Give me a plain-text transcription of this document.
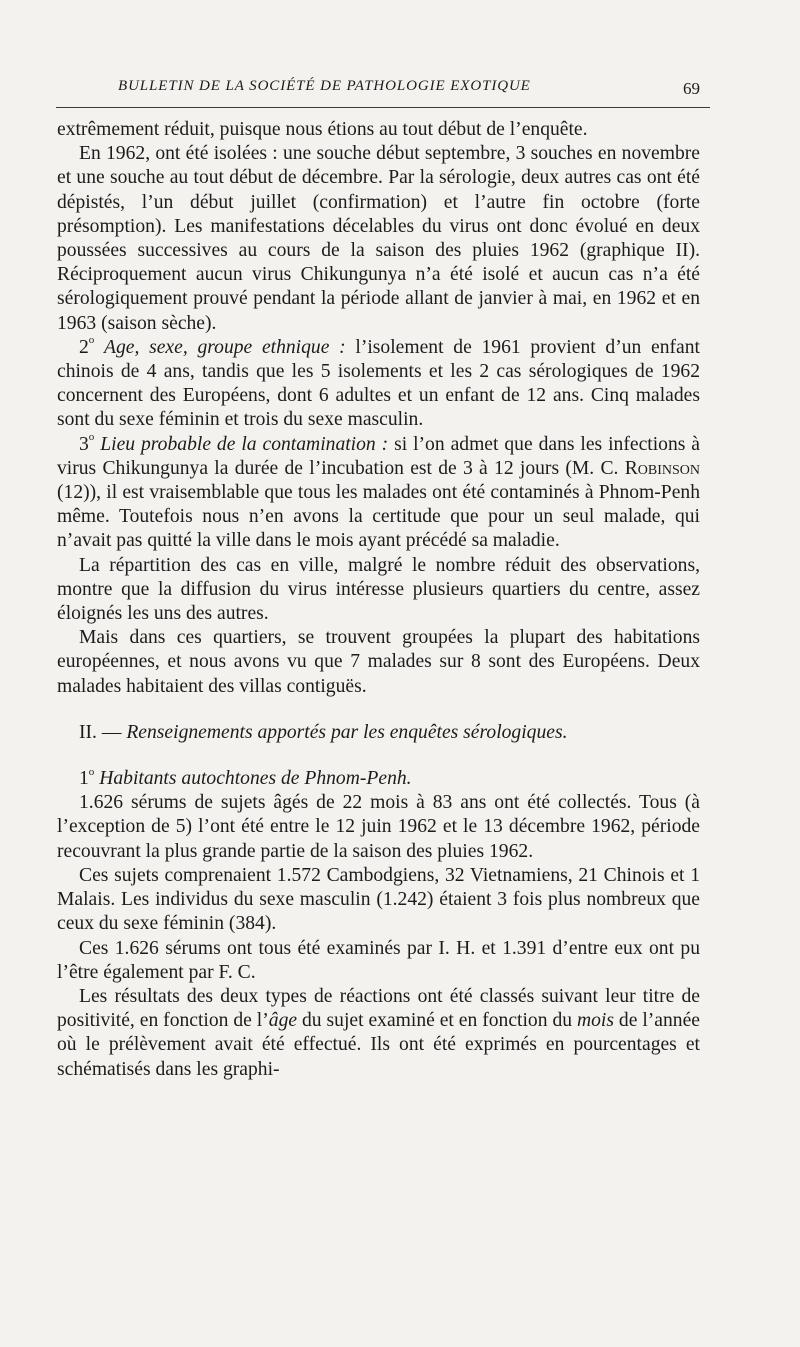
BULLETIN DE LA SOCIÉTÉ DE PATHOLOGIE EXOTIQUE	69

extrêmement réduit, puisque nous étions au tout début de l’enquête.

En 1962, ont été isolées : une souche début septembre, 3 souches en novembre et une souche au tout début de décembre. Par la sérologie, deux autres cas ont été dépistés, l’un début juillet (confirmation) et l’autre fin octobre (forte présomption). Les manifestations décelables du virus ont donc évolué en deux poussées successives au cours de la saison des pluies 1962 (graphique II). Réciproquement aucun virus Chikungunya n’a été isolé et aucun cas n’a été sérologiquement prouvé pendant la période allant de janvier à mai, en 1962 et en 1963 (saison sèche).

2$^o$ Age, sexe, groupe ethnique : l’isolement de 1961 provient d’un enfant chinois de 4 ans, tandis que les 5 isolements et les 2 cas sérologiques de 1962 concernent des Européens, dont 6 adultes et un enfant de 12 ans. Cinq malades sont du sexe féminin et trois du sexe masculin.

3$^o$ Lieu probable de la contamination : si l’on admet que dans les infections à virus Chikungunya la durée de l’incubation est de 3 à 12 jours (M. C. Robinson (12)), il est vraisemblable que tous les malades ont été contaminés à Phnom-Penh même. Toutefois nous n’en avons la certitude que pour un seul malade, qui n’avait pas quitté la ville dans le mois ayant précédé sa maladie.

La répartition des cas en ville, malgré le nombre réduit des observations, montre que la diffusion du virus intéresse plusieurs quartiers du centre, assez éloignés les uns des autres.

Mais dans ces quartiers, se trouvent groupées la plupart des habitations européennes, et nous avons vu que 7 malades sur 8 sont des Européens. Deux malades habitaient des villas contiguës.

II. — Renseignements apportés par les enquêtes sérologiques.

1$^o$ Habitants autochtones de Phnom-Penh.

1.626 sérums de sujets âgés de 22 mois à 83 ans ont été collectés. Tous (à l’exception de 5) l’ont été entre le 12 juin 1962 et le 13 décembre 1962, période recouvrant la plus grande partie de la saison des pluies 1962.

Ces sujets comprenaient 1.572 Cambodgiens, 32 Vietnamiens, 21 Chinois et 1 Malais. Les individus du sexe masculin (1.242) étaient 3 fois plus nombreux que ceux du sexe féminin (384).

Ces 1.626 sérums ont tous été examinés par I. H. et 1.391 d’entre eux ont pu l’être également par F. C.

Les résultats des deux types de réactions ont été classés suivant leur titre de positivité, en fonction de l’âge du sujet examiné et en fonction du mois de l’année où le prélèvement avait été effectué. Ils ont été exprimés en pourcentages et schématisés dans les graphi-
